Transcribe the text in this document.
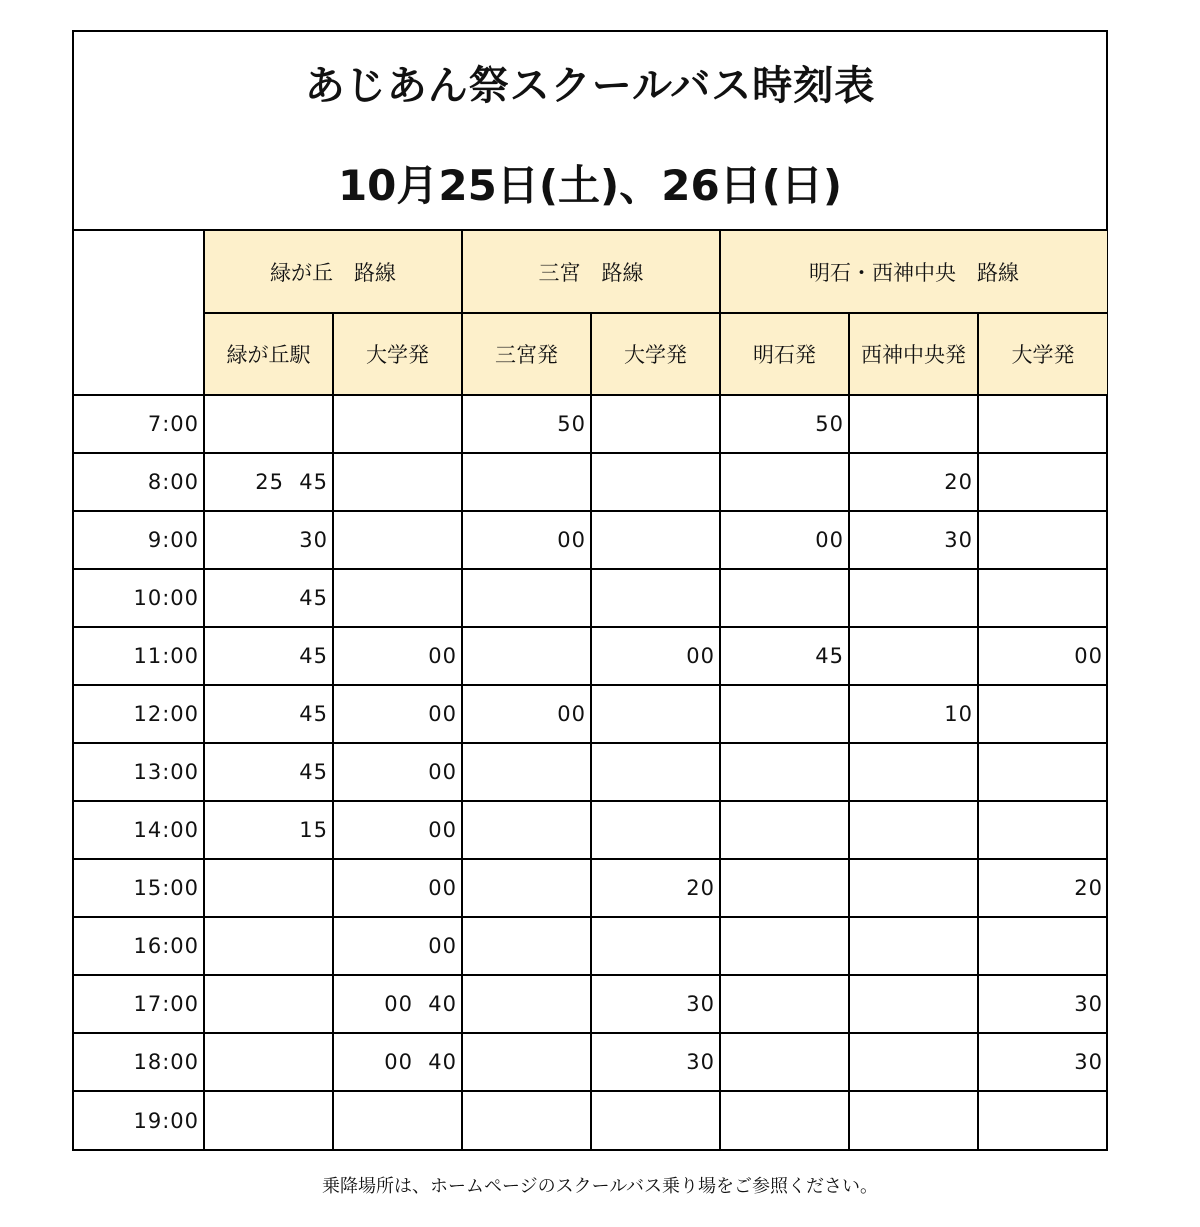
あじあん祭スクールバス時刻表
10月25日(土)、26日(日)
	緑が丘　路線		三宮　路線		明石・西神中央　路線		
	緑が丘駅	大学発	三宮発	大学発	明石発	西神中央発	大学発
7:00			50		50		
8:00	25  45					20	
9:00	30		00		00	30	
10:00	45						
11:00	45	00		00	45		00
12:00	45	00	00			10	
13:00	45	00					
14:00	15	00					
15:00		00		20			20
16:00		00					
17:00		00  40		30			30
18:00		00  40		30			30
19:00							
乗降場所は、ホームページのスクールバス乗り場をご参照ください。
